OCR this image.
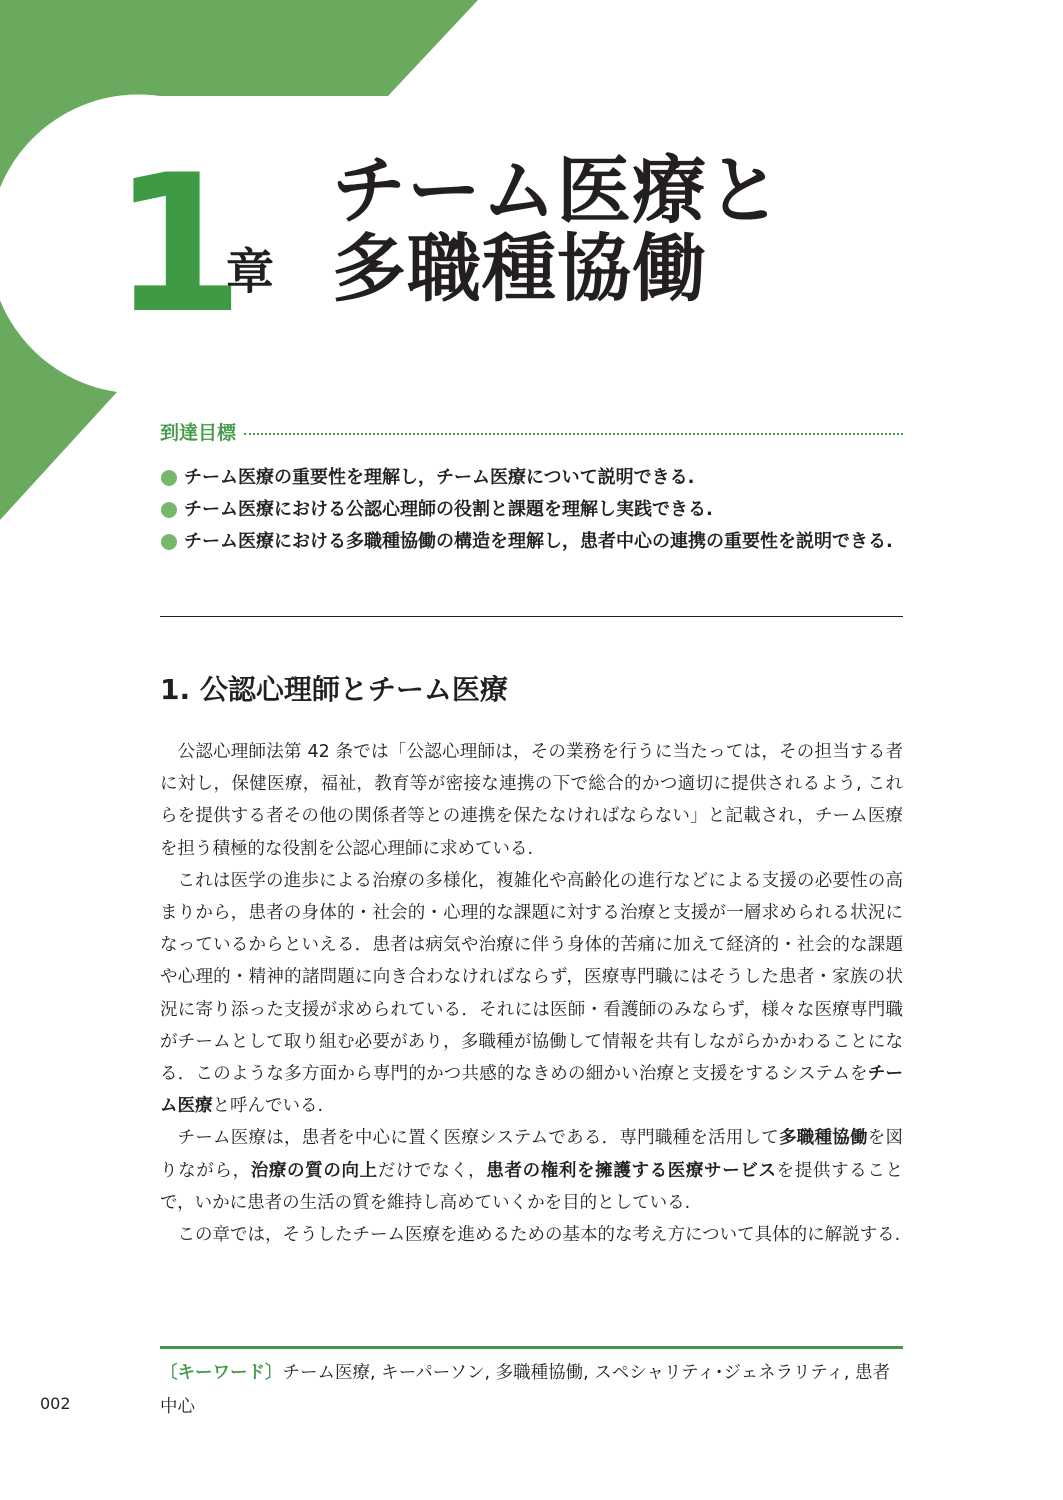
1
章
チーム医療と
多職種協働
到達目標
チーム医療の重要性を理解し，チーム医療について説明できる.
チーム医療における公認心理師の役割と課題を理解し実践できる.
チーム医療における多職種協働の構造を理解し，患者中心の連携の重要性を説明できる.
1. 公認心理師とチーム医療

公認心理師法第 42 条では「公認心理師は，その業務を行うに当たっては，その担当する者に対し，保健医療，福祉，教育等が密接な連携の下で総合的かつ適切に提供されるよう, これらを提供する者その他の関係者等との連携を保たなければならない」と記載され，チーム医療を担う積極的な役割を公認心理師に求めている.

これは医学の進歩による治療の多様化，複雑化や高齢化の進行などによる支援の必要性の高まりから，患者の身体的・社会的・心理的な課題に対する治療と支援が一層求められる状況になっているからといえる．患者は病気や治療に伴う身体的苦痛に加えて経済的・社会的な課題や心理的・精神的諸問題に向き合わなければならず，医療専門職にはそうした患者・家族の状況に寄り添った支援が求められている．それには医師・看護師のみならず，様々な医療専門職がチームとして取り組む必要があり，多職種が協働して情報を共有しながらかかわることになる．このような多方面から専門的かつ共感的なきめの細かい治療と支援をするシステムをチーム医療と呼んでいる.

チーム医療は，患者を中心に置く医療システムである．専門職種を活用して多職種協働を図りながら，治療の質の向上だけでなく，患者の権利を擁護する医療サービスを提供することで，いかに患者の生活の質を維持し高めていくかを目的としている.

この章では，そうしたチーム医療を進めるための基本的な考え方について具体的に解説する.

〔キーワード〕チーム医療, キーパーソン, 多職種協働, スペシャリティ･ジェネラリティ, 患者中心
002
